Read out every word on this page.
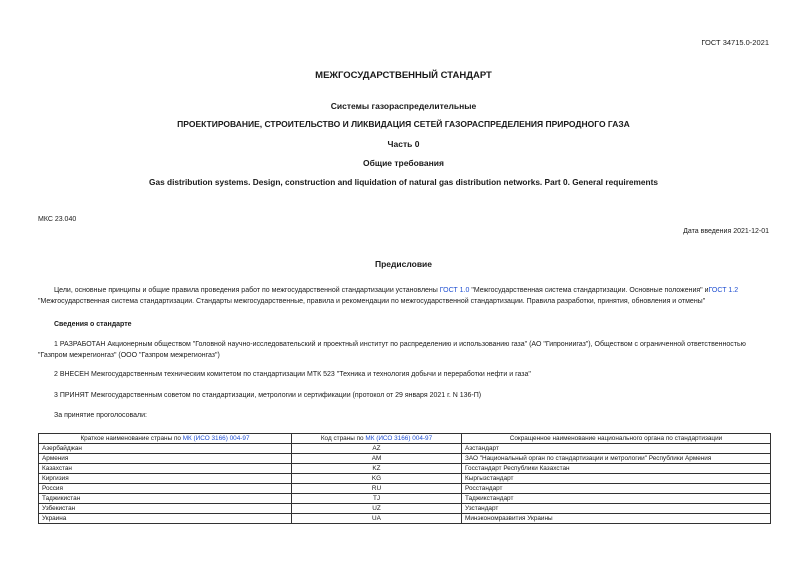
ГОСТ 34715.0-2021
МЕЖГОСУДАРСТВЕННЫЙ СТАНДАРТ
Системы газораспределительные
ПРОЕКТИРОВАНИЕ, СТРОИТЕЛЬСТВО И ЛИКВИДАЦИЯ СЕТЕЙ ГАЗОРАСПРЕДЕЛЕНИЯ ПРИРОДНОГО ГАЗА
Часть 0
Общие требования
Gas distribution systems. Design, construction and liquidation of natural gas distribution networks. Part 0. General requirements
МКС 23.040
Дата введения 2021-12-01
Предисловие
Цели, основные принципы и общие правила проведения работ по межгосударственной стандартизации установлены ГОСТ 1.0 "Межгосударственная система стандартизации. Основные положения" иГОСТ 1.2 "Межгосударственная система стандартизации. Стандарты межгосударственные, правила и рекомендации по межгосударственной стандартизации. Правила разработки, принятия, обновления и отмены"
Сведения о стандарте
1 РАЗРАБОТАН Акционерным обществом "Головной научно-исследовательский и проектный институт по распределению и использованию газа" (АО "Гипрониигаз"), Обществом с ограниченной ответственностью "Газпром межрегионгаз" (ООО "Газпром межрегионгаз")
2 ВНЕСЕН Межгосударственным техническим комитетом по стандартизации МТК 523 "Техника и технология добычи и переработки нефти и газа"
3 ПРИНЯТ Межгосударственным советом по стандартизации, метрологии и сертификации (протокол от 29 января 2021 г. N 136-П)
За принятие проголосовали:
Краткое наименование страны по МК (ИСО 3166) 004-97	Код страны по МК (ИСО 3166) 004-97	Сокращенное наименование национального органа по стандартизации
Азербайджан	AZ	Азстандарт
Армения	AM	ЗАО "Национальный орган по стандартизации и метрологии" Республики Армения
Казахстан	KZ	Госстандарт Республики Казахстан
Киргизия	KG	Кыргызстандарт
Россия	RU	Росстандарт
Таджикистан	TJ	Таджикстандарт
Узбекистан	UZ	Узстандарт
Украина	UA	Минэкономразвития Украины
